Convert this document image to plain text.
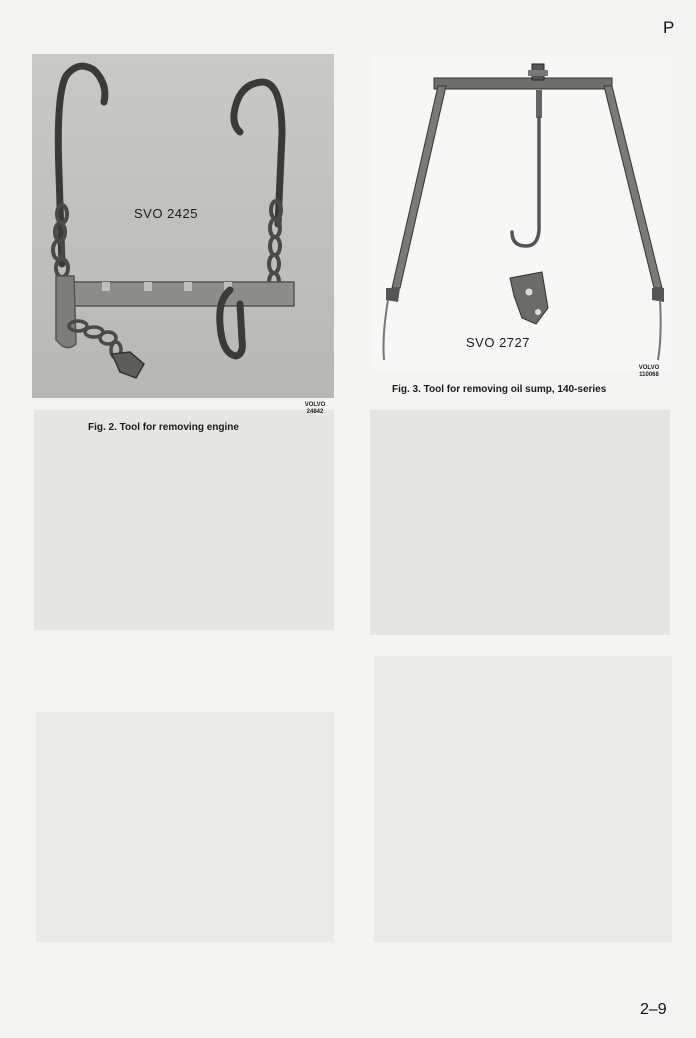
P
SVO 2425
VOLVO
24842
Fig. 2. Tool for removing engine
SVO 2727
VOLVO
110068
Fig. 3. Tool for removing oil sump, 140-series
2–9
